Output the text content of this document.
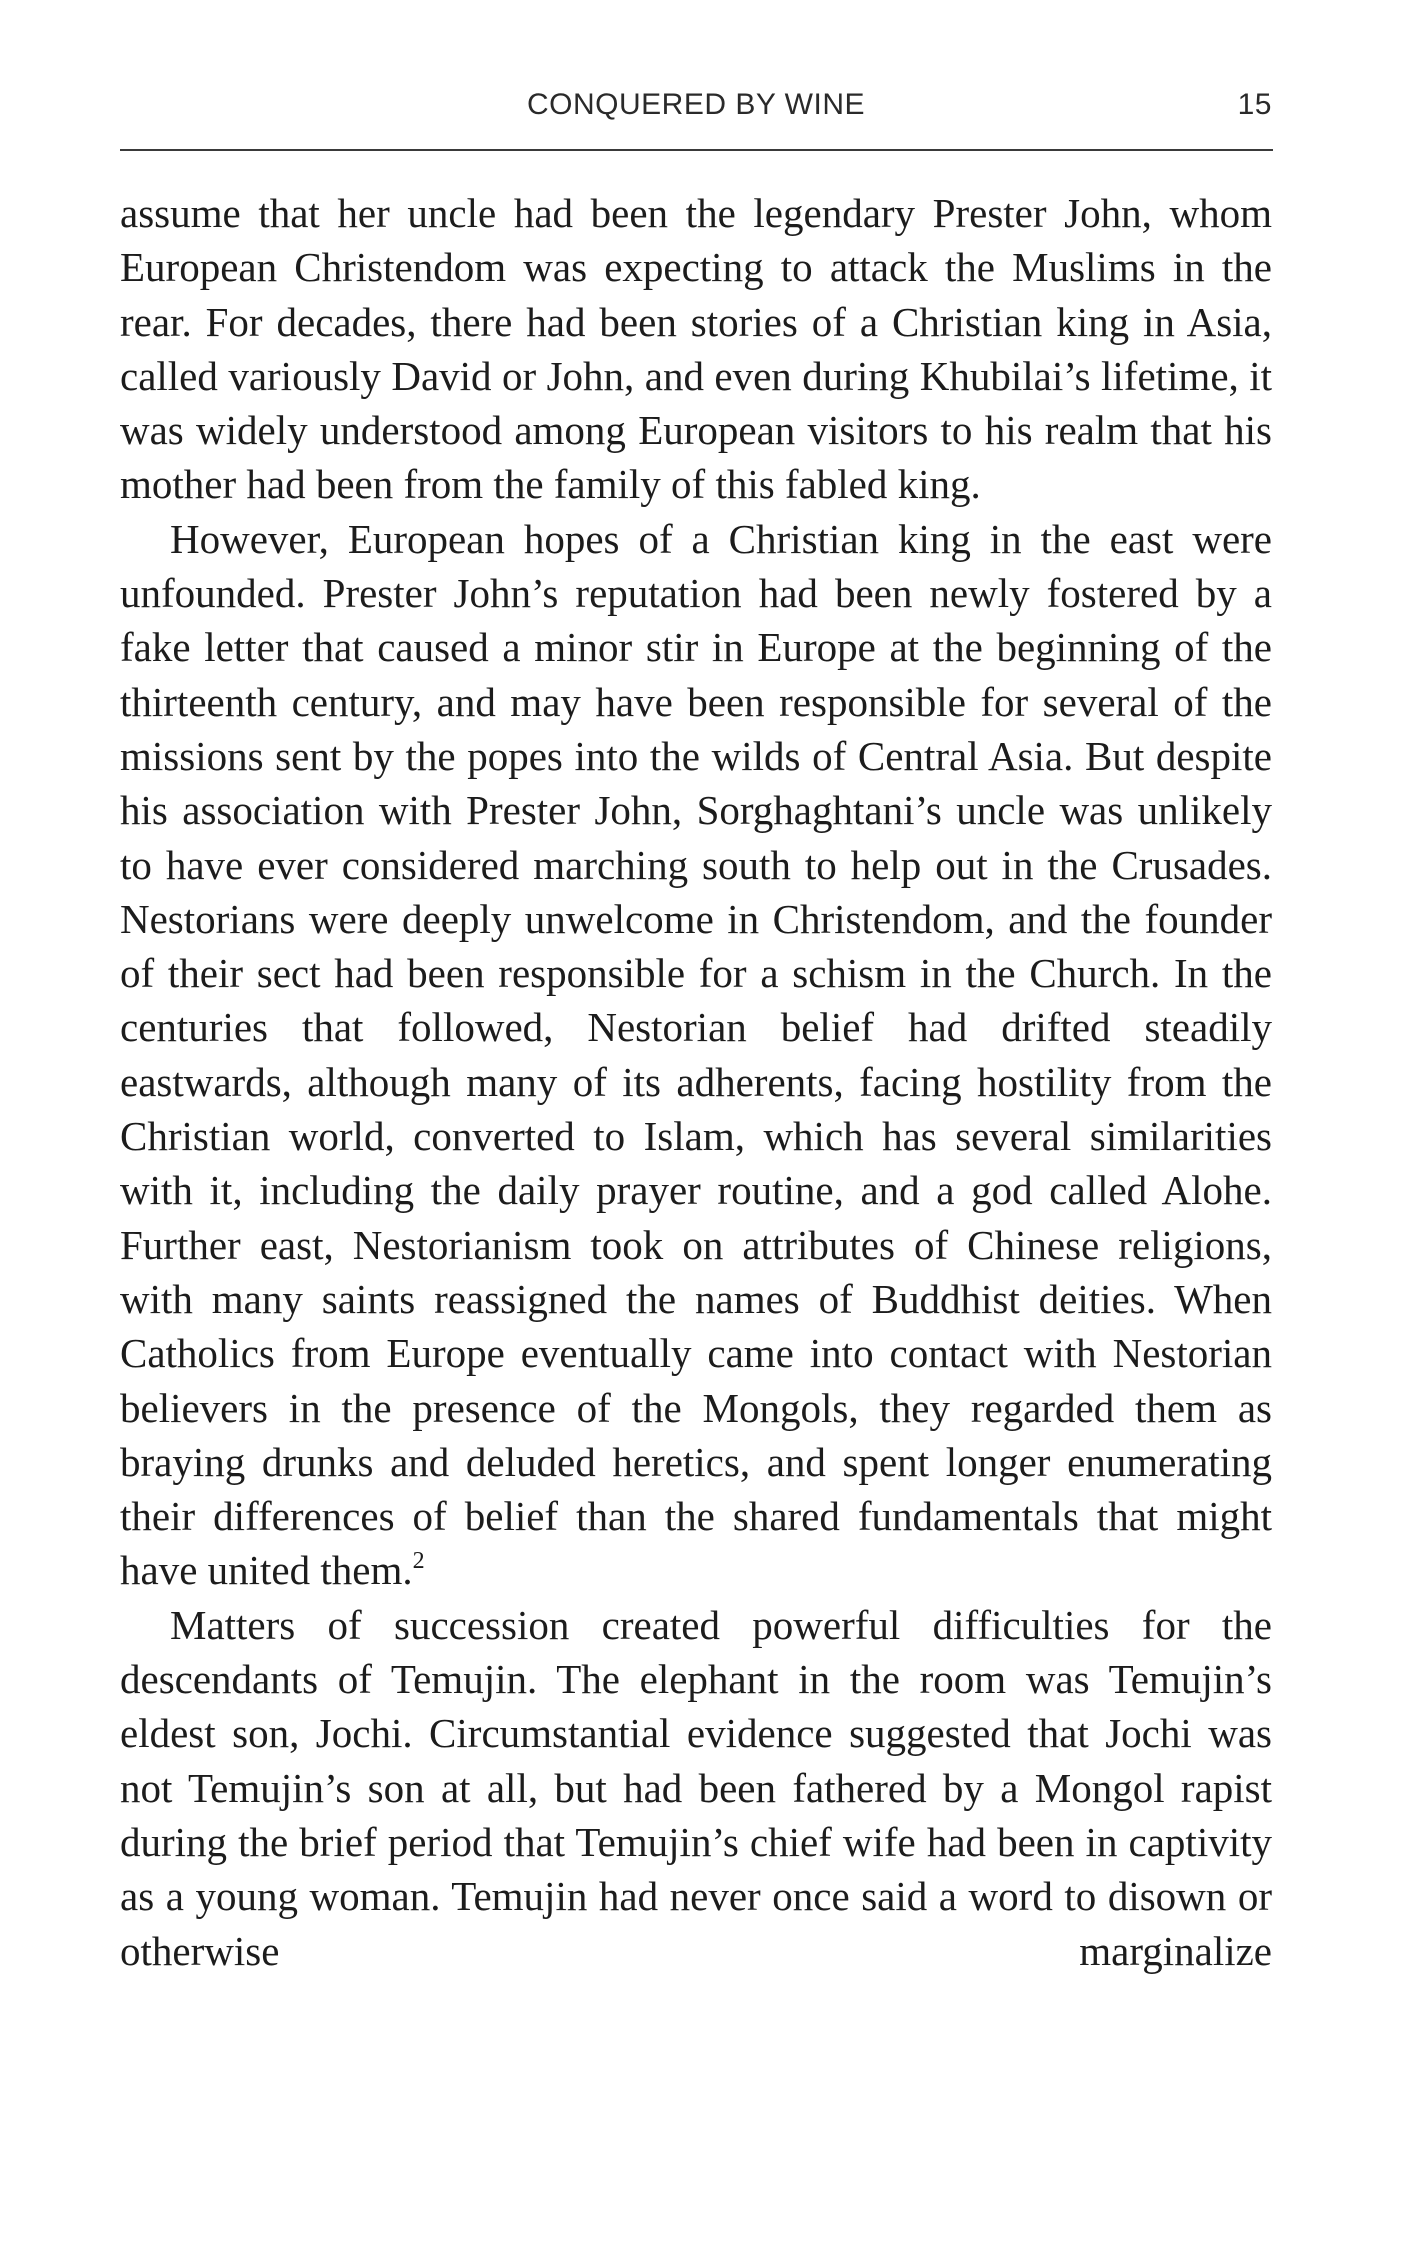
CONQUERED BY WINE	15

assume that her uncle had been the legendary Prester John, whom European Christendom was expecting to attack the Muslims in the rear. For decades, there had been stories of a Christian king in Asia, called variously David or John, and even during Khubilai’s lifetime, it was widely understood among European visitors to his realm that his mother had been from the family of this fabled king.

However, European hopes of a Christian king in the east were unfounded. Prester John’s reputation had been newly fostered by a fake letter that caused a minor stir in Europe at the beginning of the thirteenth century, and may have been responsible for several of the missions sent by the popes into the wilds of Central Asia. But despite his association with Prester John, Sorghaghtani’s uncle was unlikely to have ever considered marching south to help out in the Crusades. Nestorians were deeply unwelcome in Christendom, and the founder of their sect had been responsible for a schism in the Church. In the centuries that followed, Nestorian belief had drifted steadily eastwards, although many of its adherents, facing hostility from the Christian world, converted to Islam, which has several similarities with it, including the daily prayer routine, and a god called Alohe. Further east, Nestorianism took on attributes of Chinese religions, with many saints reassigned the names of Buddhist deities. When Catholics from Europe eventually came into contact with Nestorian believers in the presence of the Mongols, they regarded them as braying drunks and deluded heretics, and spent longer enumerating their differences of belief than the shared fundamentals that might have united them.$^2$

Matters of succession created powerful difficulties for the descendants of Temujin. The elephant in the room was Temujin’s eldest son, Jochi. Circumstantial evidence suggested that Jochi was not Temujin’s son at all, but had been fathered by a Mongol rapist during the brief period that Temujin’s chief wife had been in captivity as a young woman. Temujin had never once said a word to disown or otherwise marginalize
